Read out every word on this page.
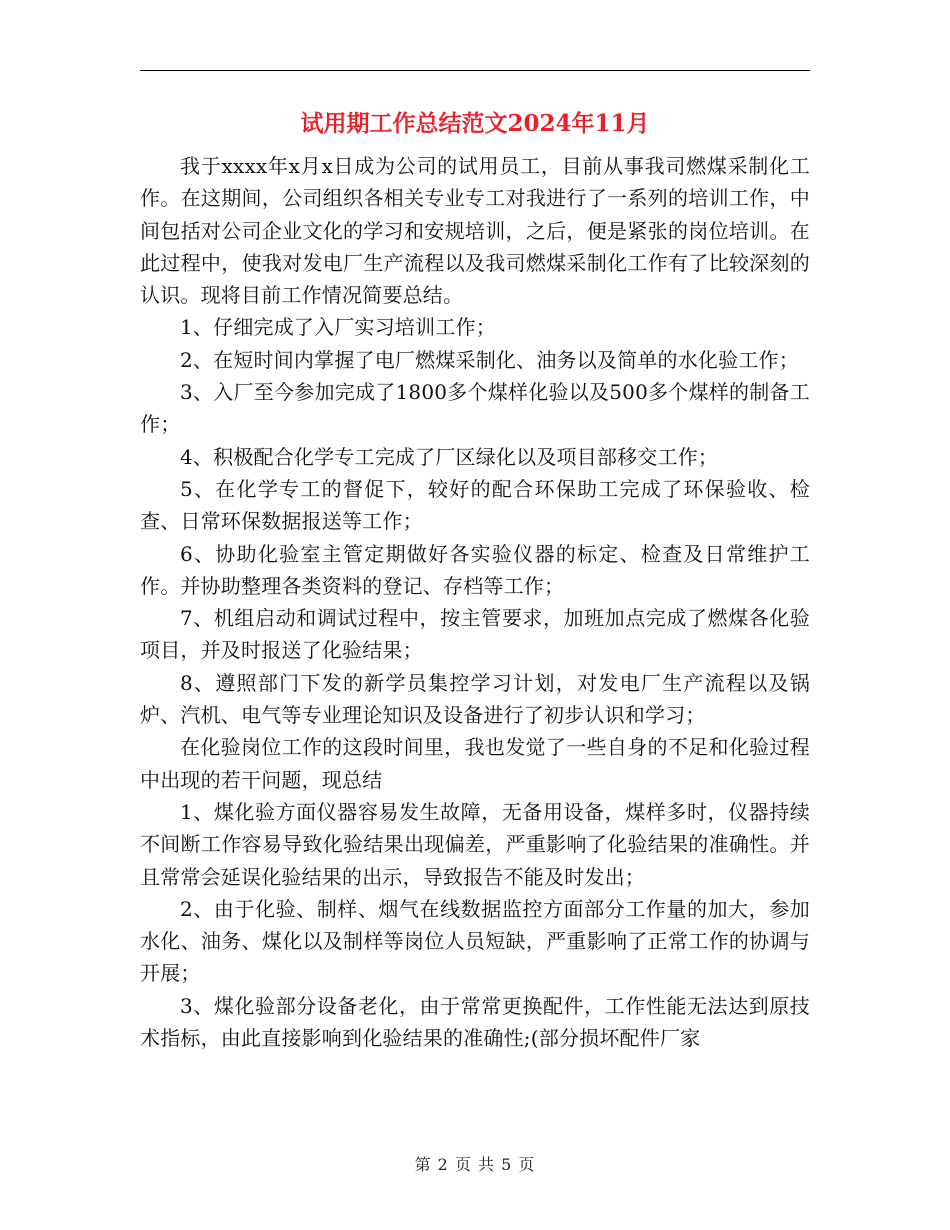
试用期工作总结范文2024年11月

我于xxxx年x月x日成为公司的试用员工，目前从事我司燃煤采制化工作。在这期间，公司组织各相关专业专工对我进行了一系列的培训工作，中间包括对公司企业文化的学习和安规培训，之后，便是紧张的岗位培训。在此过程中，使我对发电厂生产流程以及我司燃煤采制化工作有了比较深刻的认识。现将目前工作情况简要总结。

1、仔细完成了入厂实习培训工作；

2、在短时间内掌握了电厂燃煤采制化、油务以及简单的水化验工作；

3、入厂至今参加完成了1800多个煤样化验以及500多个煤样的制备工作；

4、积极配合化学专工完成了厂区绿化以及项目部移交工作；

5、在化学专工的督促下，较好的配合环保助工完成了环保验收、检查、日常环保数据报送等工作；

6、协助化验室主管定期做好各实验仪器的标定、检查及日常维护工作。并协助整理各类资料的登记、存档等工作；

7、机组启动和调试过程中，按主管要求，加班加点完成了燃煤各化验项目，并及时报送了化验结果；

8、遵照部门下发的新学员集控学习计划，对发电厂生产流程以及锅炉、汽机、电气等专业理论知识及设备进行了初步认识和学习；

在化验岗位工作的这段时间里，我也发觉了一些自身的不足和化验过程中出现的若干问题，现总结

1、煤化验方面仪器容易发生故障，无备用设备，煤样多时，仪器持续不间断工作容易导致化验结果出现偏差，严重影响了化验结果的准确性。并且常常会延误化验结果的出示，导致报告不能及时发出；

2、由于化验、制样、烟气在线数据监控方面部分工作量的加大，参加水化、油务、煤化以及制样等岗位人员短缺，严重影响了正常工作的协调与开展；

3、煤化验部分设备老化，由于常常更换配件，工作性能无法达到原技术指标，由此直接影响到化验结果的准确性;(部分损坏配件厂家

第 2 页 共 5 页
